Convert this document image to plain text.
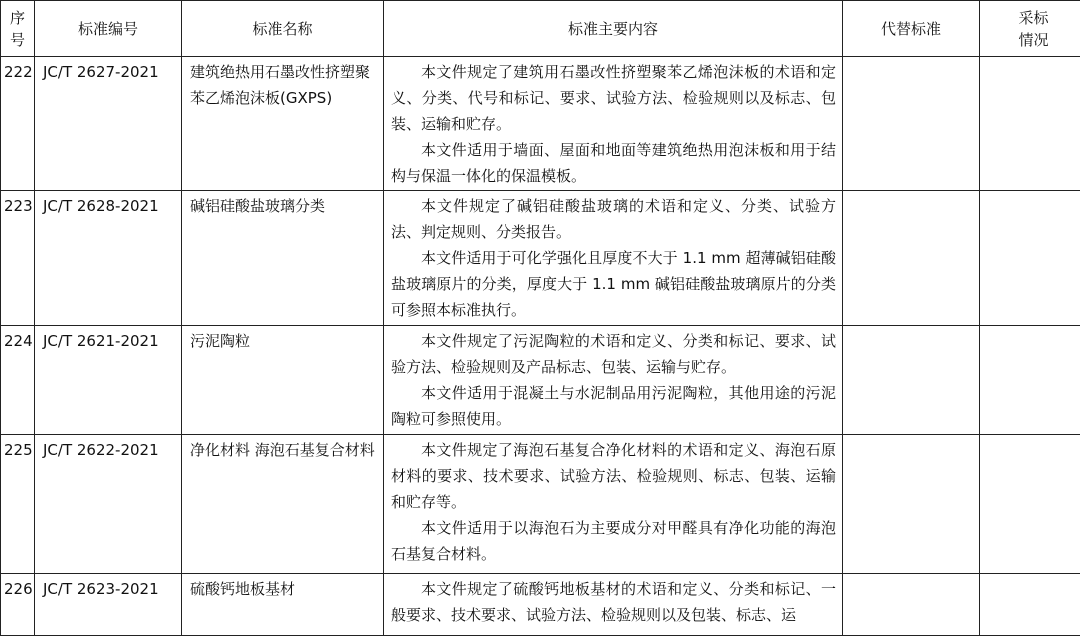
序
号	标准编号	标准名称	标准主要内容	代替标准	采标
情况

222	JC/T 2627-2021	建筑绝热用石墨改性挤塑聚苯乙烯泡沫板(GXPS)	本文件规定了建筑用石墨改性挤塑聚苯乙烯泡沫板的术语和定义、分类、代号和标记、要求、试验方法、检验规则以及标志、包装、运输和贮存。
本文件适用于墙面、屋面和地面等建筑绝热用泡沫板和用于结构与保温一体化的保温模板。		

223	JC/T 2628-2021	碱铝硅酸盐玻璃分类	本文件规定了碱铝硅酸盐玻璃的术语和定义、分类、试验方法、判定规则、分类报告。
本文件适用于可化学强化且厚度不大于 1.1 mm 超薄碱铝硅酸盐玻璃原片的分类，厚度大于 1.1 mm 碱铝硅酸盐玻璃原片的分类可参照本标准执行。		

224	JC/T 2621-2021	污泥陶粒	本文件规定了污泥陶粒的术语和定义、分类和标记、要求、试验方法、检验规则及产品标志、包装、运输与贮存。
本文件适用于混凝土与水泥制品用污泥陶粒，其他用途的污泥陶粒可参照使用。		

225	JC/T 2622-2021	净化材料 海泡石基复合材料	本文件规定了海泡石基复合净化材料的术语和定义、海泡石原材料的要求、技术要求、试验方法、检验规则、标志、包装、运输和贮存等。
本文件适用于以海泡石为主要成分对甲醛具有净化功能的海泡石基复合材料。		

226	JC/T 2623-2021	硫酸钙地板基材	本文件规定了硫酸钙地板基材的术语和定义、分类和标记、一般要求、技术要求、试验方法、检验规则以及包装、标志、运		
